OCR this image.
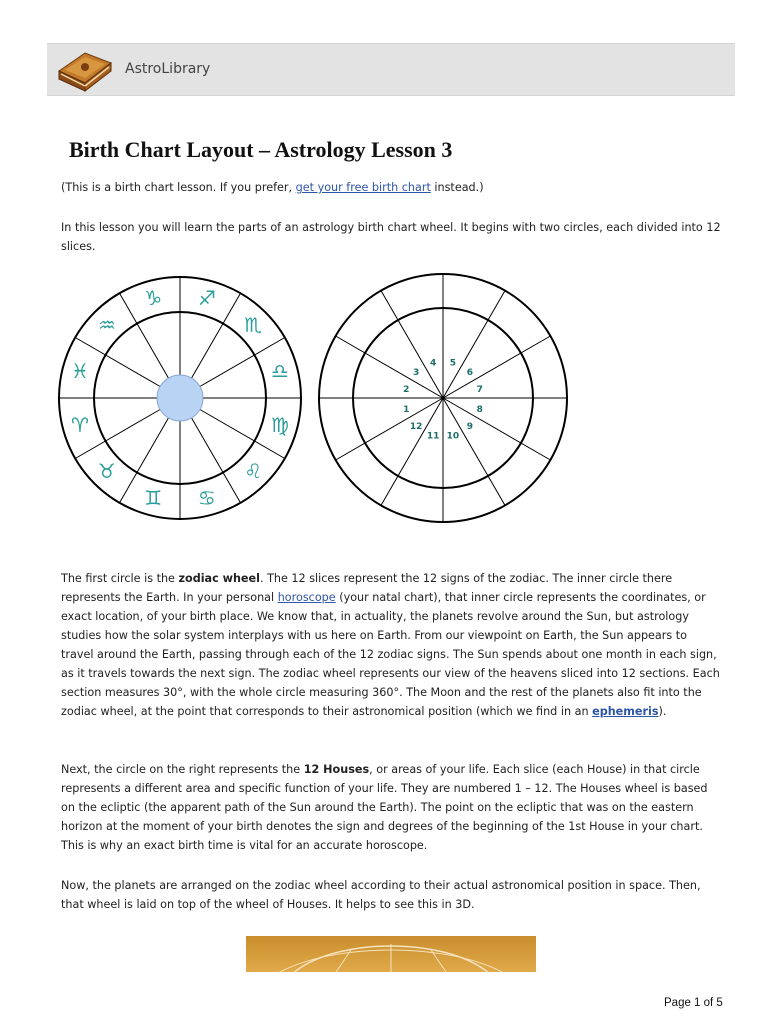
AstroLibrary
Birth Chart Layout – Astrology Lesson 3

(This is a birth chart lesson. If you prefer, get your free birth chart instead.)

In this lesson you will learn the parts of an astrology birth chart wheel. It begins with two circles, each divided into 12 slices.

♑ ♐
♏
♎
♍
♌
♋
♊
♉
♈
♓
♒
1
2
3
4 5
6
7
8
9
10
11
12

The first circle is the zodiac wheel. The 12 slices represent the 12 signs of the zodiac. The inner circle there represents the Earth. In your personal horoscope (your natal chart), that inner circle represents the coordinates, or exact location, of your birth place. We know that, in actuality, the planets revolve around the Sun, but astrology studies how the solar system interplays with us here on Earth. From our viewpoint on Earth, the Sun appears to travel around the Earth, passing through each of the 12 zodiac signs. The Sun spends about one month in each sign, as it travels towards the next sign. The zodiac wheel represents our view of the heavens sliced into 12 sections. Each section measures 30°, with the whole circle measuring 360°. The Moon and the rest of the planets also fit into the zodiac wheel, at the point that corresponds to their astronomical position (which we find in an ephemeris).

Next, the circle on the right represents the 12 Houses, or areas of your life. Each slice (each House) in that circle represents a different area and specific function of your life. They are numbered 1 – 12. The Houses wheel is based on the ecliptic (the apparent path of the Sun around the Earth). The point on the ecliptic that was on the eastern horizon at the moment of your birth denotes the sign and degrees of the beginning of the 1st House in your chart. This is why an exact birth time is vital for an accurate horoscope.

Now, the planets are arranged on the zodiac wheel according to their actual astronomical position in space. Then, that wheel is laid on top of the wheel of Houses. It helps to see this in 3D.

Page 1 of 5
